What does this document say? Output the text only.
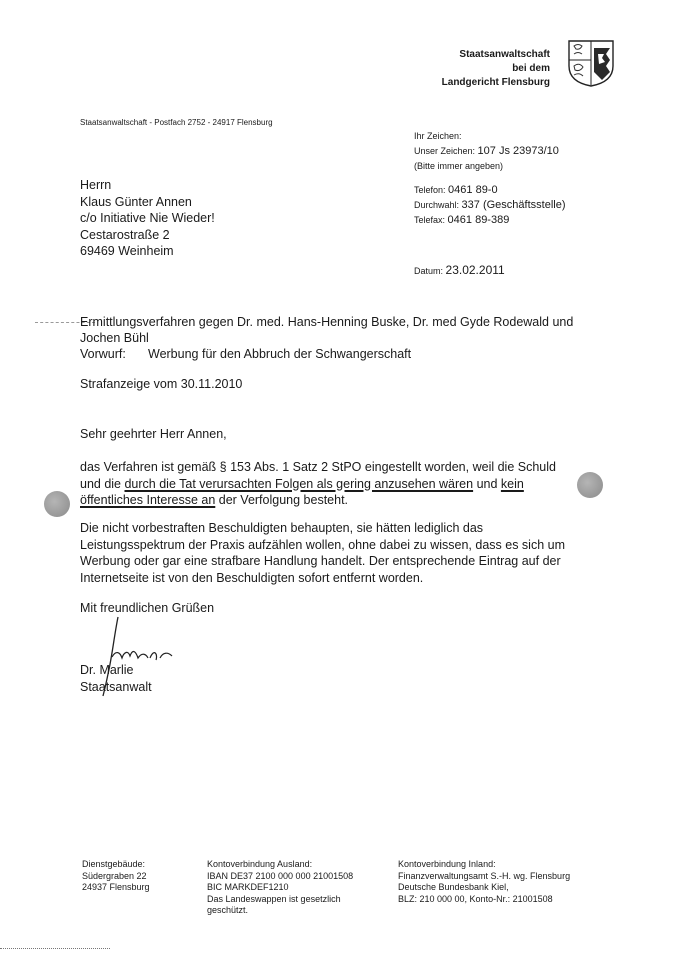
Staatsanwaltschaft
bei dem
Landgericht Flensburg
Staatsanwaltschaft - Postfach 2752 - 24917 Flensburg
Ihr Zeichen:
Unser Zeichen: 107 Js 23973/10
(Bitte immer angeben)
Telefon: 0461 89-0
Durchwahl: 337 (Geschäftsstelle)
Telefax: 0461 89-389
Herrn
Klaus Günter Annen
c/o Initiative Nie Wieder!
Cestarostraße 2
69469 Weinheim
Datum: 23.02.2011
Ermittlungsverfahren gegen Dr. med. Hans-Henning Buske, Dr. med Gyde Rodewald und
Jochen Bühl
Vorwurf: Werbung für den Abbruch der Schwangerschaft
Strafanzeige vom 30.11.2010
Sehr geehrter Herr Annen,
das Verfahren ist gemäß § 153 Abs. 1 Satz 2 StPO eingestellt worden, weil die Schuld
und die durch die Tat verursachten Folgen als gering anzusehen wären und kein
öffentliches Interesse an der Verfolgung besteht.
Die nicht vorbestraften Beschuldigten behaupten, sie hätten lediglich das
Leistungsspektrum der Praxis aufzählen wollen, ohne dabei zu wissen, dass es sich um
Werbung oder gar eine strafbare Handlung handelt. Der entsprechende Eintrag auf der
Internetseite ist von den Beschuldigten sofort entfernt worden.
Mit freundlichen Grüßen
Dr. Marlie
Staatsanwalt
Dienstgebäude:
Südergraben 22
24937 Flensburg
Kontoverbindung Ausland:
IBAN DE37 2100 000 000 21001508
BIC MARKDEF1210
Das Landeswappen ist gesetzlich
geschützt.
Kontoverbindung Inland:
Finanzverwaltungsamt S.-H. wg. Flensburg
Deutsche Bundesbank Kiel,
BLZ: 210 000 00, Konto-Nr.: 21001508
